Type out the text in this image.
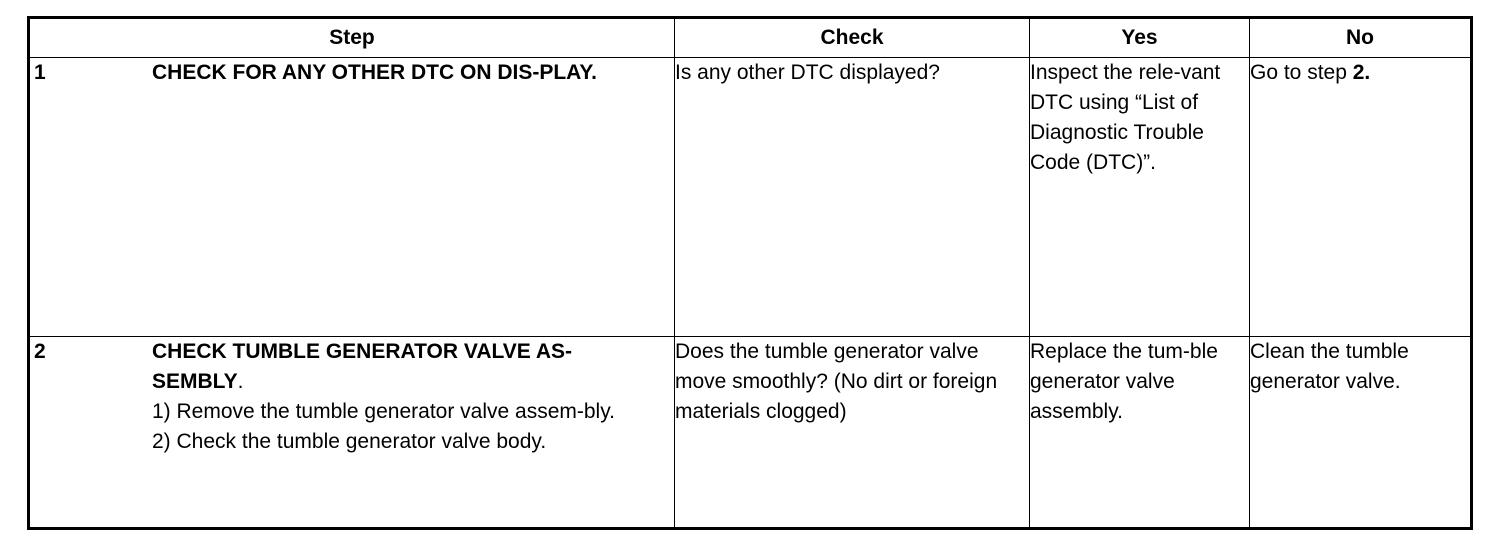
Step	Check	Yes	No

1 CHECK FOR ANY OTHER DTC ON DIS-PLAY.	Is any other DTC displayed?	Inspect the rele-vant DTC using “List of Diagnostic Trouble Code (DTC)”.	Go to step 2.

2 CHECK TUMBLE GENERATOR VALVE AS-SEMBLY.
1) Remove the tumble generator valve assem-bly.
2) Check the tumble generator valve body.	Does the tumble generator valve move smoothly? (No dirt or foreign materials clogged)	Replace the tum-ble generator valve assembly.	Clean the tumble generator valve.
